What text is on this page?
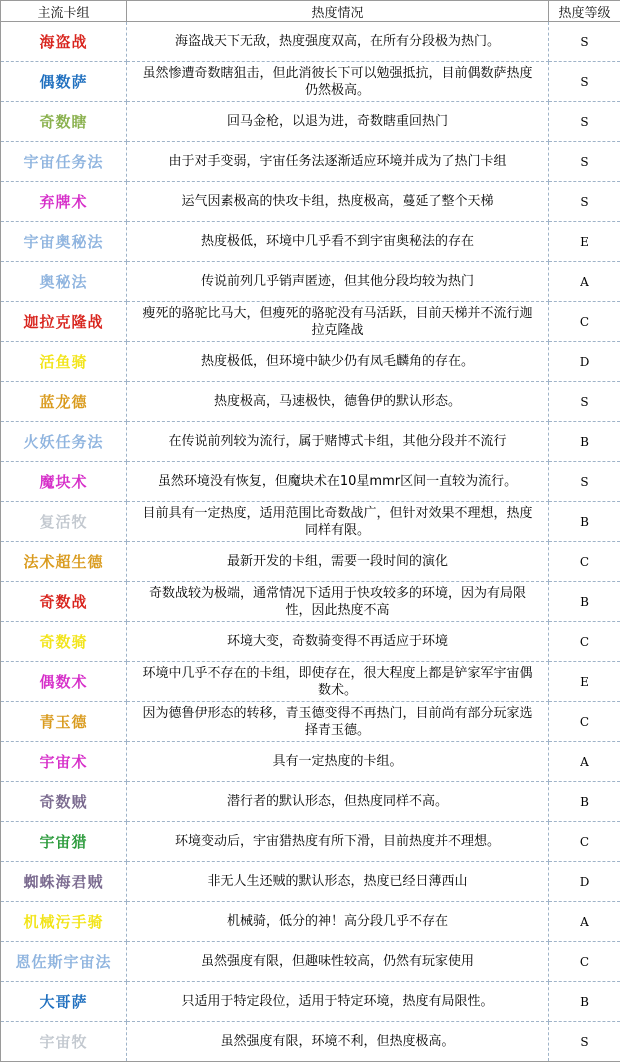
主流卡组	热度情况	热度等级
海盗战	海盗战天下无敌，热度强度双高，在所有分段极为热门。	S
偶数萨	虽然惨遭奇数瞎狙击，但此消彼长下可以勉强抵抗，目前偶数萨热度仍然极高。	S
奇数瞎	回马金枪，以退为进，奇数瞎重回热门	S
宇宙任务法	由于对手变弱，宇宙任务法逐渐适应环境并成为了热门卡组	S
弃牌术	运气因素极高的快攻卡组，热度极高，蔓延了整个天梯	S
宇宙奥秘法	热度极低，环境中几乎看不到宇宙奥秘法的存在	E
奥秘法	传说前列几乎销声匿迹，但其他分段均较为热门	A
迦拉克隆战	瘦死的骆驼比马大，但瘦死的骆驼没有马活跃，目前天梯并不流行迦拉克隆战	C
活鱼骑	热度极低，但环境中缺少仍有凤毛麟角的存在。	D
蓝龙德	热度极高，马速极快，德鲁伊的默认形态。	S
火妖任务法	在传说前列较为流行，属于赌博式卡组，其他分段并不流行	B
魔块术	虽然环境没有恢复，但魔块术在10星mmr区间一直较为流行。	S
复活牧	目前具有一定热度，适用范围比奇数战广，但针对效果不理想，热度同样有限。	B
法术超生德	最新开发的卡组，需要一段时间的演化	C
奇数战	奇数战较为极端，通常情况下适用于快攻较多的环境，因为有局限性，因此热度不高	B
奇数骑	环境大变，奇数骑变得不再适应于环境	C
偶数术	环境中几乎不存在的卡组，即使存在，很大程度上都是铲家军宇宙偶数术。	E
青玉德	因为德鲁伊形态的转移，青玉德变得不再热门，目前尚有部分玩家选择青玉德。	C
宇宙术	具有一定热度的卡组。	A
奇数贼	潜行者的默认形态，但热度同样不高。	B
宇宙猎	环境变动后，宇宙猎热度有所下滑，目前热度并不理想。	C
蜘蛛海君贼	非无人生还贼的默认形态，热度已经日薄西山	D
机械污手骑	机械骑，低分的神！高分段几乎不存在	A
恩佐斯宇宙法	虽然强度有限，但趣味性较高，仍然有玩家使用	C
大哥萨	只适用于特定段位，适用于特定环境，热度有局限性。	B
宇宙牧	虽然强度有限，环境不利，但热度极高。	S
